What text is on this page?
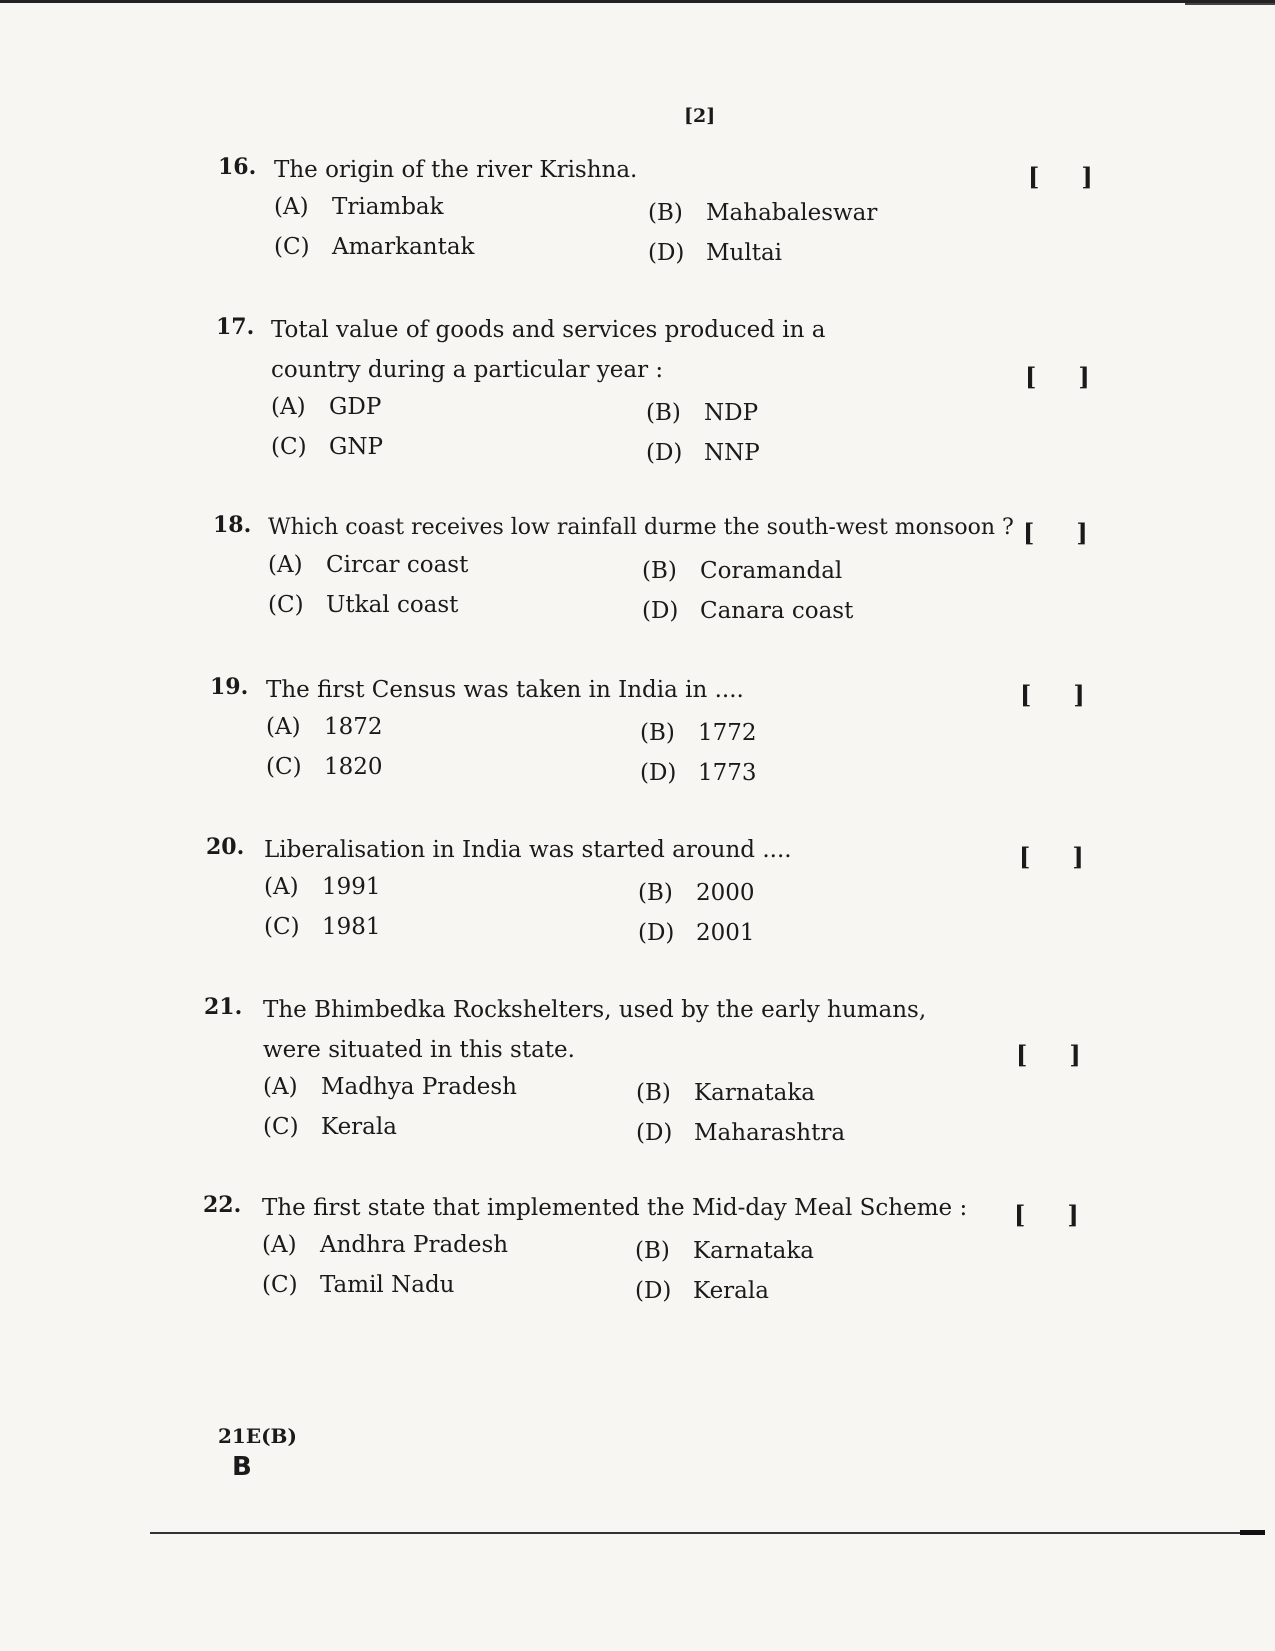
[2]
16. The origin of the river Krishna.	[ ]
(A) Triambak	(B) Mahabaleswar
(C) Amarkantak	(D) Multai
17. Total value of goods and services produced in a country during a particular year :	[ ]
(A) GDP	(B) NDP
(C) GNP	(D) NNP
18. Which coast receives low rainfall durme the south-west monsoon ? [ ]
(A) Circar coast	(B) Coramandal
(C) Utkal coast	(D) Canara coast
19. The first Census was taken in India in ....	[ ]
(A) 1872	(B) 1772
(C) 1820	(D) 1773
20. Liberalisation in India was started around ....	[ ]
(A) 1991	(B) 2000
(C) 1981	(D) 2001
21. The Bhimbedka Rockshelters, used by the early humans, were situated in this state.	[ ]
(A) Madhya Pradesh	(B) Karnataka
(C) Kerala	(D) Maharashtra
22. The first state that implemented the Mid-day Meal Scheme :	[ ]
(A) Andhra Pradesh	(B) Karnataka
(C) Tamil Nadu	(D) Kerala
21E(B)
B
